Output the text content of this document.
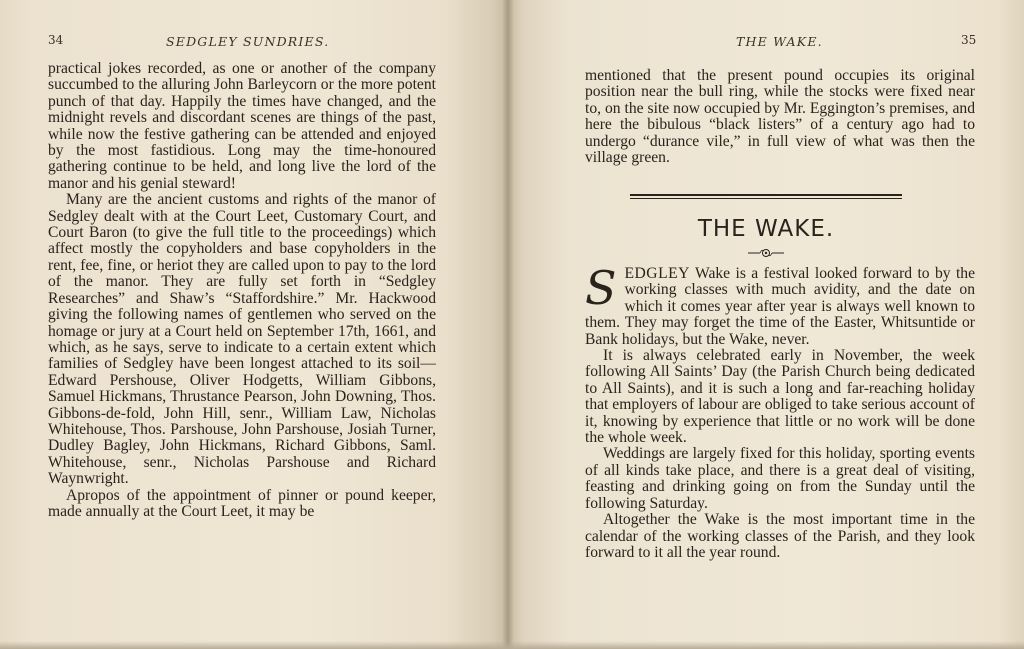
34	SEDGLEY SUNDRIES.

practical jokes recorded, as one or another of the company succumbed to the alluring John Barleycorn or the more potent punch of that day. Happily the times have changed, and the midnight revels and discordant scenes are things of the past, while now the festive gathering can be attended and enjoyed by the most fastidious. Long may the time-honoured gathering continue to be held, and long live the lord of the manor and his genial steward!

Many are the ancient customs and rights of the manor of Sedgley dealt with at the Court Leet, Customary Court, and Court Baron (to give the full title to the proceedings) which affect mostly the copyholders and base copyholders in the rent, fee, fine, or heriot they are called upon to pay to the lord of the manor. They are fully set forth in “Sedgley Researches” and Shaw’s “Staffordshire.” Mr. Hackwood giving the following names of gentlemen who served on the homage or jury at a Court held on September 17th, 1661, and which, as he says, serve to indicate to a certain extent which families of Sedgley have been longest attached to its soil—Edward Pershouse, Oliver Hodgetts, William Gibbons, Samuel Hickmans, Thrustance Pearson, John Downing, Thos. Gibbons-de-fold, John Hill, senr., William Law, Nicholas Whitehouse, Thos. Parshouse, John Parshouse, Josiah Turner, Dudley Bagley, John Hickmans, Richard Gibbons, Saml. Whitehouse, senr., Nicholas Parshouse and Richard Waynwright.

Apropos of the appointment of pinner or pound keeper, made annually at the Court Leet, it may be

THE WAKE.	35

mentioned that the present pound occupies its original position near the bull ring, while the stocks were fixed near to, on the site now occupied by Mr. Eggington’s premises, and here the bibulous “black listers” of a century ago had to undergo “durance vile,” in full view of what was then the village green.

THE WAKE.

SEDGLEY Wake is a festival looked forward to by the working classes with much avidity, and the date on which it comes year after year is always well known to them. They may forget the time of the Easter, Whitsuntide or Bank holidays, but the Wake, never.

It is always celebrated early in November, the week following All Saints’ Day (the Parish Church being dedicated to All Saints), and it is such a long and far-reaching holiday that employers of labour are obliged to take serious account of it, knowing by experience that little or no work will be done the whole week.

Weddings are largely fixed for this holiday, sporting events of all kinds take place, and there is a great deal of visiting, feasting and drinking going on from the Sunday until the following Saturday.

Altogether the Wake is the most important time in the calendar of the working classes of the Parish, and they look forward to it all the year round.
